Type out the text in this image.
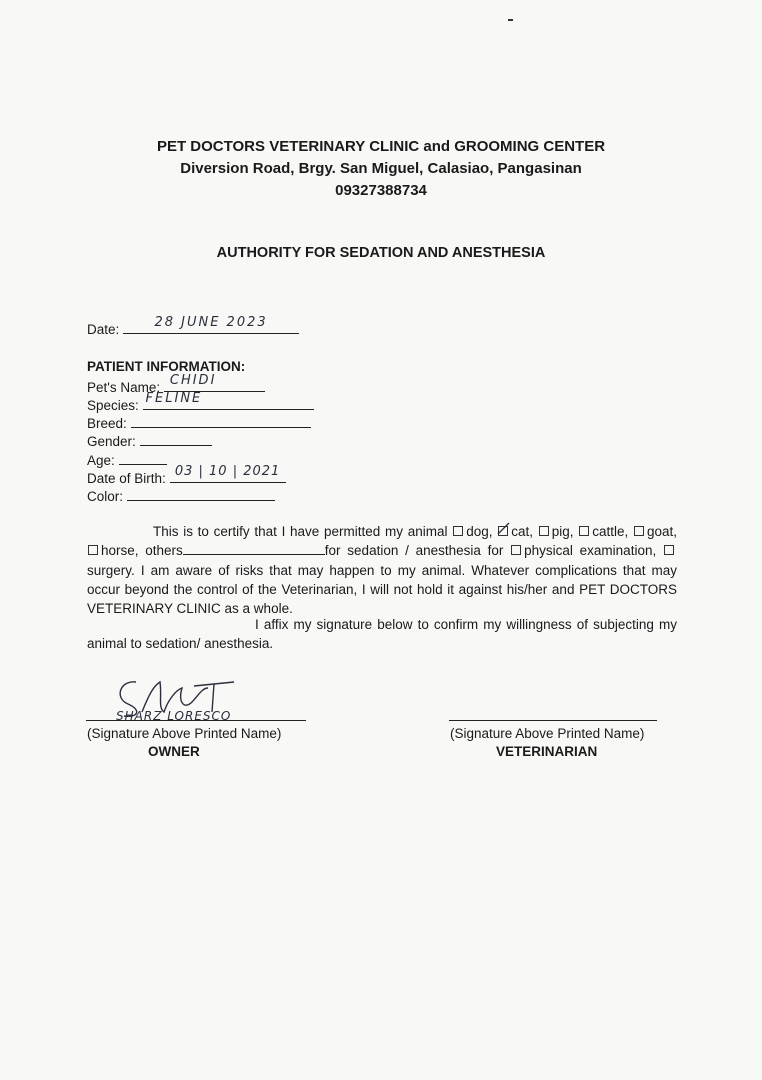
PET DOCTORS VETERINARY CLINIC and GROOMING CENTER
Diversion Road, Brgy. San Miguel, Calasiao, Pangasinan
09327388734
AUTHORITY FOR SEDATION AND ANESTHESIA
Date:	28 JUNE 2023
PATIENT INFORMATION:
Pet's Name: CHIDI
Species: FELINE
Breed:
Gender:
Age:
Date of Birth: 03 | 10 | 2021
Color:
This is to certify that I have permitted my animal dog, cat, pig, cattle, goat, horse, others	for sedation / anesthesia for physical examination, surgery. I am aware of risks that may happen to my animal. Whatever complications that may occur beyond the control of the Veterinarian, I will not hold it against his/her and PET DOCTORS VETERINARY CLINIC as a whole.
I affix my signature below to confirm my willingness of subjecting my animal to sedation/ anesthesia.
SHARZ LORESCO
(Signature Above Printed Name)
OWNER
(Signature Above Printed Name)
VETERINARIAN
